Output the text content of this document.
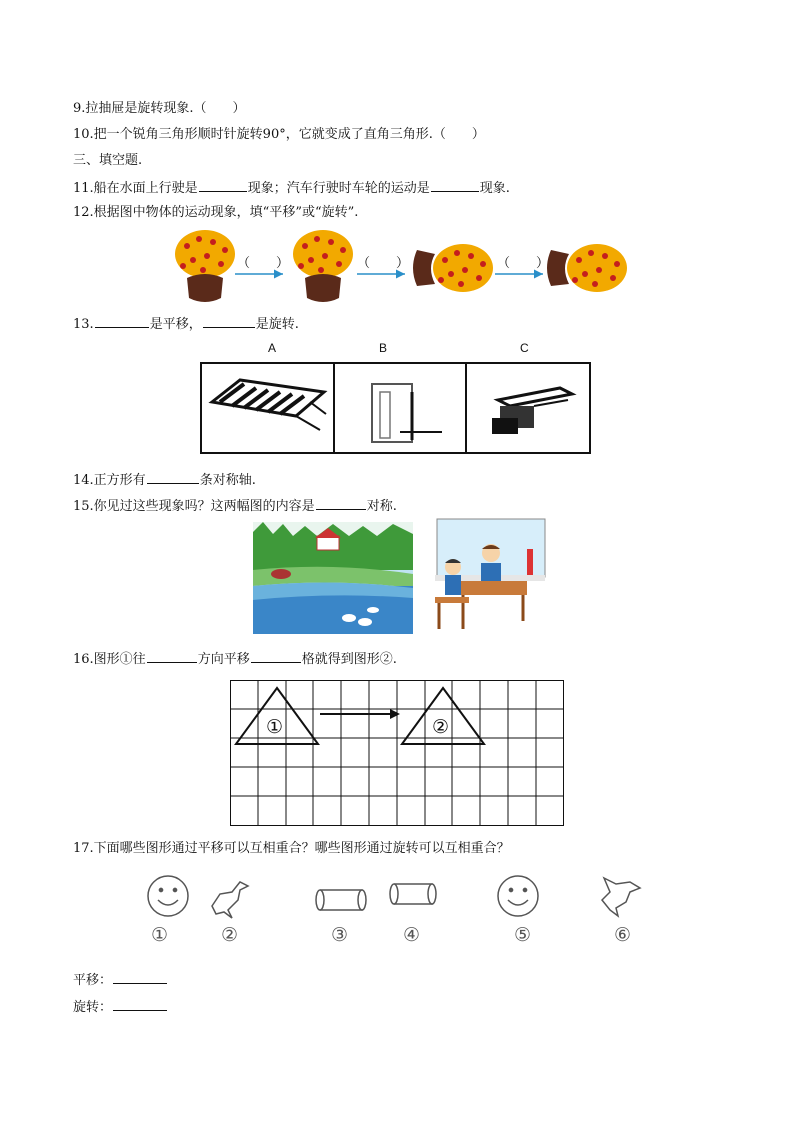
9.拉抽屉是旋转现象.（　　）
10.把一个锐角三角形顺时针旋转90°，它就变成了直角三角形.（　　）
三、填空题.
11.船在水面上行驶是	现象；汽车行驶时车轮的运动是	现象.
12.根据图中物体的运动现象，填“平移”或“旋转”.
（　　）	（　　）	（　　）
13.	是平移，	是旋转.
A	B	C
14.正方形有	条对称轴.
15.你见过这些现象吗？这两幅图的内容是	对称.
16.图形①往	方向平移	格就得到图形②.
①	②
17.下面哪些图形通过平移可以互相重合？哪些图形通过旋转可以互相重合？
①	②	③	④	⑤	⑥
平移：
旋转：
